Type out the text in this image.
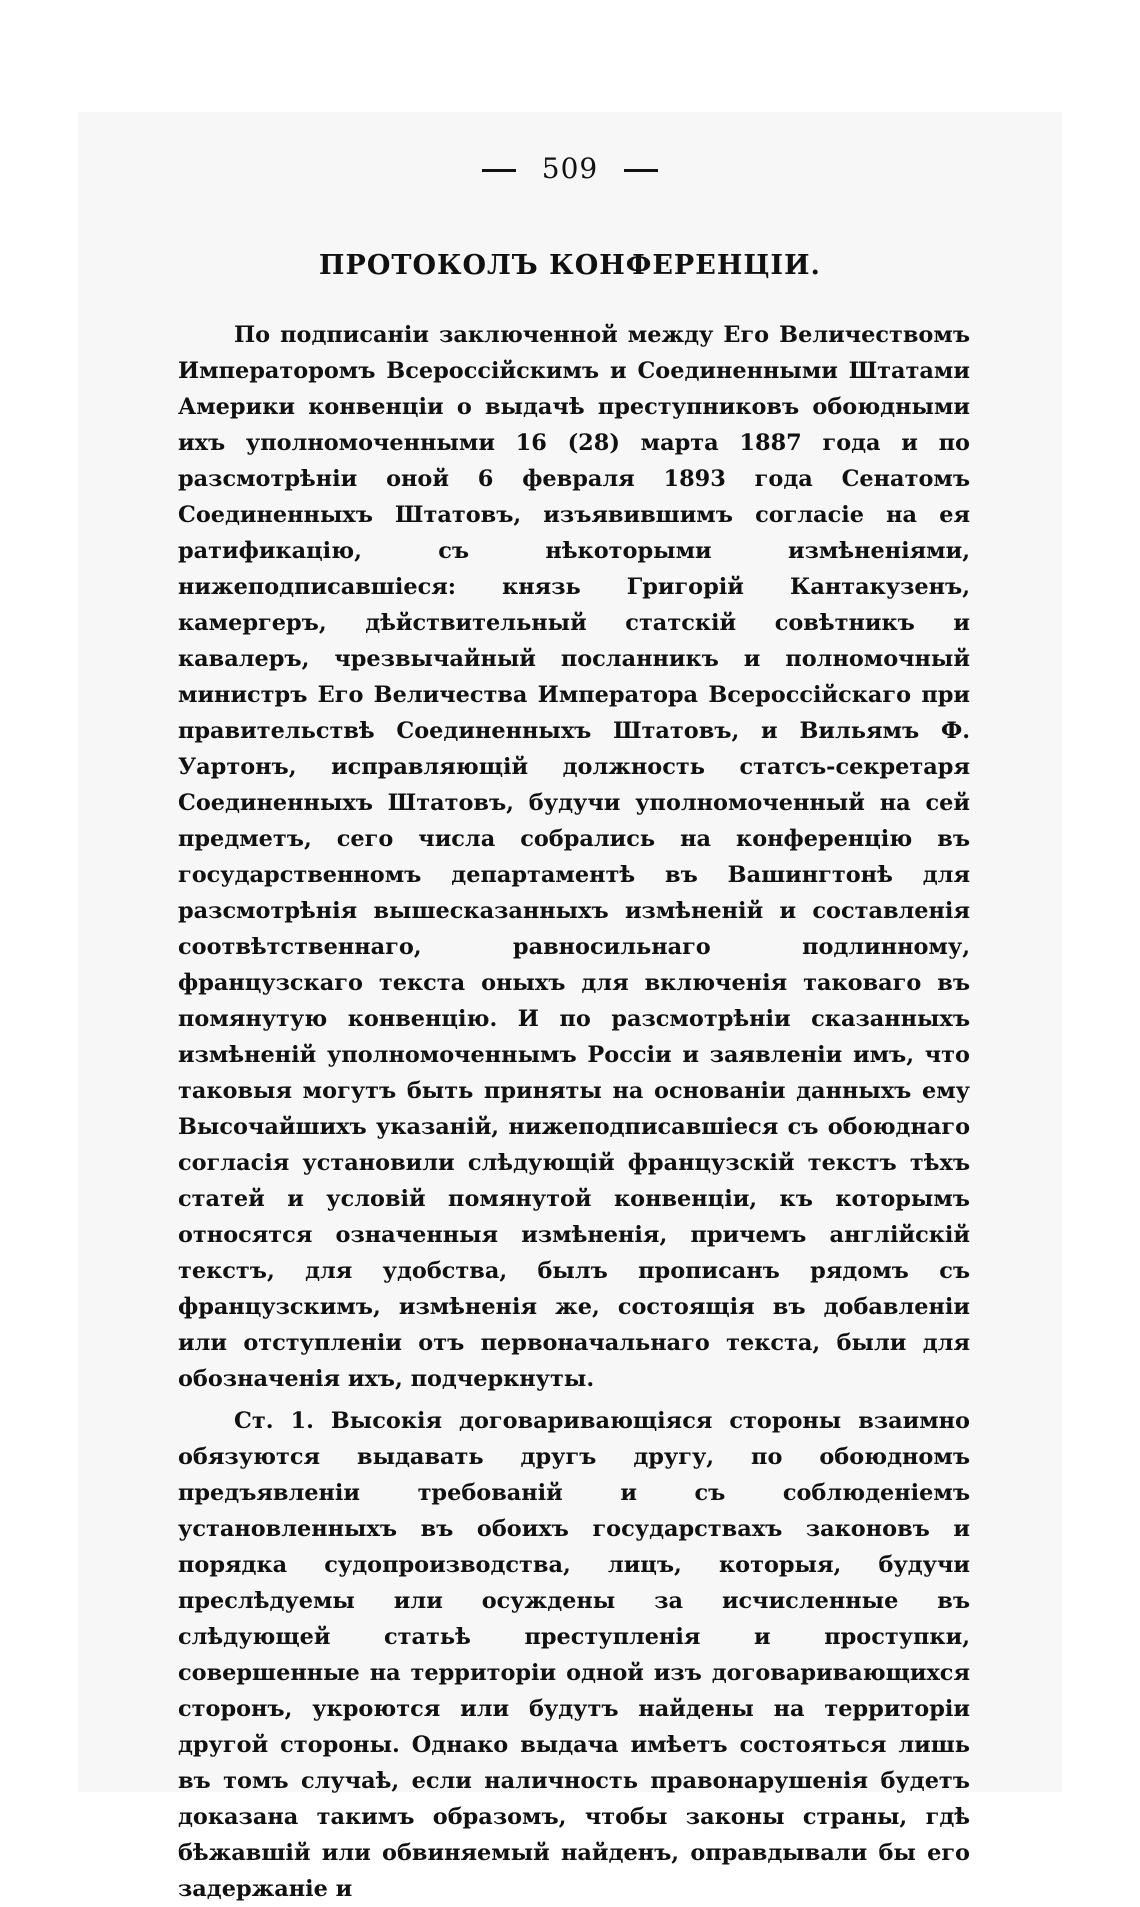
509
ПРОТОКОЛЪ КОНФЕРЕНЦІИ.

По подписаніи заключенной между Его Величествомъ Императоромъ Всероссійскимъ и Соединенными Штатами Америки конвенціи о выдачѣ преступниковъ обоюдными ихъ уполномоченными 16 (28) марта 1887 года и по разсмотрѣніи оной 6 февраля 1893 года Сенатомъ Соединенныхъ Штатовъ, изъявившимъ согласіе на ея ратификацію, съ нѣкоторыми измѣненіями, нижеподписавшіеся: князь Григорій Кантакузенъ, камергеръ, дѣйствительный статскій совѣтникъ и кавалеръ, чрезвычайный посланникъ и полномочный министръ Его Величества Императора Всероссійскаго при правительствѣ Соединенныхъ Штатовъ, и Вильямъ Ф. Уартонъ, исправляющій должность статсъ-секретаря Соединенныхъ Штатовъ, будучи уполномоченный на сей предметъ, сего числа собрались на конференцію въ государственномъ департаментѣ въ Вашингтонѣ для разсмотрѣнія вышесказанныхъ измѣненій и составленія соотвѣтственнаго, равносильнаго подлинному, французскаго текста оныхъ для включенія таковаго въ помянутую конвенцію. И по разсмотрѣніи сказанныхъ измѣненій уполномоченнымъ Россіи и заявленіи имъ, что таковыя могутъ быть приняты на основаніи данныхъ ему Высочайшихъ указаній, нижеподписавшіеся съ обоюднаго согласія установили слѣдующій французскій текстъ тѣхъ статей и условій помянутой конвенціи, къ которымъ относятся означенныя измѣненія, причемъ англійскій текстъ, для удобства, былъ прописанъ рядомъ съ французскимъ, измѣненія же, состоящія въ добавленіи или отступленіи отъ первоначальнаго текста, были для обозначенія ихъ, подчеркнуты.

Ст. 1. Высокія договаривающіяся стороны взаимно обязуются выдавать другъ другу, по обоюдномъ предъявленіи требованій и съ соблюденіемъ установленныхъ въ обоихъ государствахъ законовъ и порядка судопроизводства, лицъ, которыя, будучи преслѣдуемы или осуждены за исчисленные въ слѣдующей статьѣ преступленія и проступки, совершенные на территоріи одной изъ договаривающихся сторонъ, укроются или будутъ найдены на территоріи другой стороны. Однако выдача имѣетъ состояться лишь въ томъ случаѣ, если наличность правонарушенія будетъ доказана такимъ образомъ, чтобы законы страны, гдѣ бѣжавшій или обвиняемый найденъ, оправдывали бы его задержаніе и
